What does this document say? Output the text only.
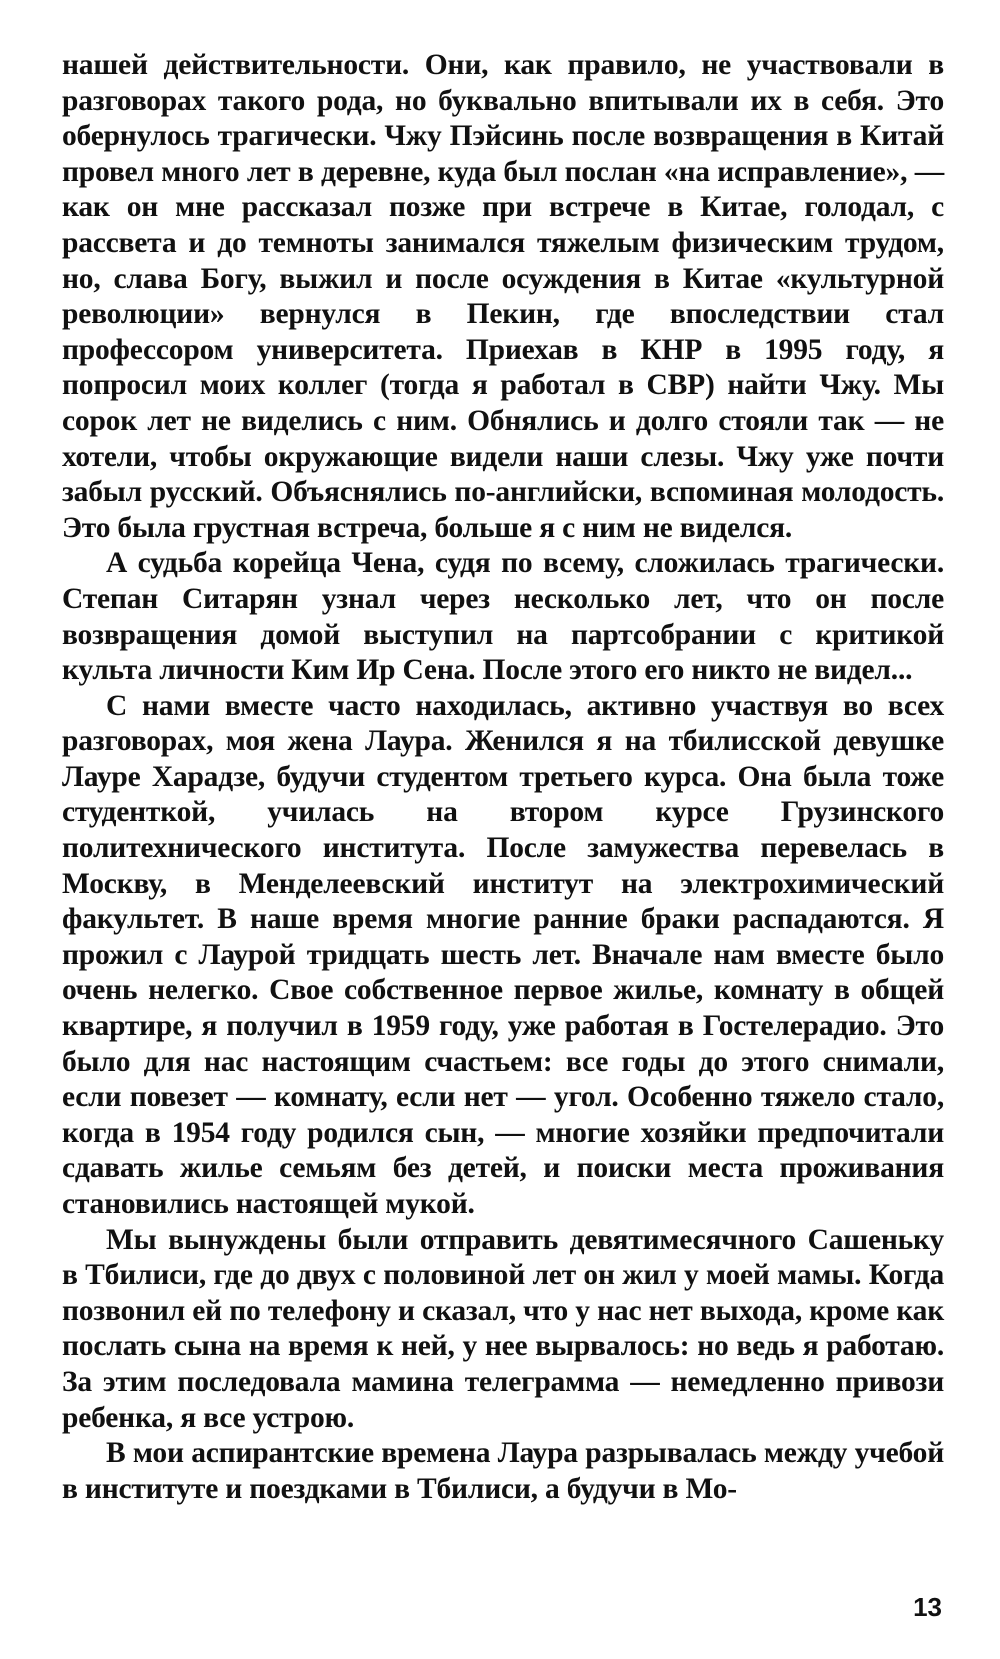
нашей действительности. Они, как правило, не участвовали в разговорах такого рода, но буквально впитывали их в себя. Это обернулось трагически. Чжу Пэйсинь после возвращения в Китай провел много лет в деревне, куда был послан «на исправление», — как он мне рассказал позже при встрече в Китае, голодал, с рассвета и до темноты занимался тяжелым физическим трудом, но, слава Богу, выжил и после осуждения в Китае «культурной революции» вернулся в Пекин, где впоследствии стал профессором университета. Приехав в КНР в 1995 году, я попросил моих коллег (тогда я работал в СВР) найти Чжу. Мы сорок лет не виделись с ним. Обнялись и долго стояли так — не хотели, чтобы окружающие видели наши слезы. Чжу уже почти забыл русский. Объяснялись по-английски, вспоминая молодость. Это была грустная встреча, больше я с ним не виделся.

А судьба корейца Чена, судя по всему, сложилась трагически. Степан Ситарян узнал через несколько лет, что он после возвращения домой выступил на партсобрании с критикой культа личности Ким Ир Сена. После этого его никто не видел...

С нами вместе часто находилась, активно участвуя во всех разговорах, моя жена Лаура. Женился я на тбилисской девушке Лауре Харадзе, будучи студентом третьего курса. Она была тоже студенткой, училась на втором курсе Грузинского политехнического института. После замужества перевелась в Москву, в Менделеевский институт на электрохимический факультет. В наше время многие ранние браки распадаются. Я прожил с Лаурой тридцать шесть лет. Вначале нам вместе было очень нелегко. Свое собственное первое жилье, комнату в общей квартире, я получил в 1959 году, уже работая в Гостелерадио. Это было для нас настоящим счастьем: все годы до этого снимали, если повезет — комнату, если нет — угол. Особенно тяжело стало, когда в 1954 году родился сын, — многие хозяйки предпочитали сдавать жилье семьям без детей, и поиски места проживания становились настоящей мукой.

Мы вынуждены были отправить девятимесячного Сашеньку в Тбилиси, где до двух с половиной лет он жил у моей мамы. Когда позвонил ей по телефону и сказал, что у нас нет выхода, кроме как послать сына на время к ней, у нее вырвалось: но ведь я работаю. За этим последовала мамина телеграмма — немедленно привози ребенка, я все устрою.

В мои аспирантские времена Лаура разрывалась между учебой в институте и поездками в Тбилиси, а будучи в Мо-

13
